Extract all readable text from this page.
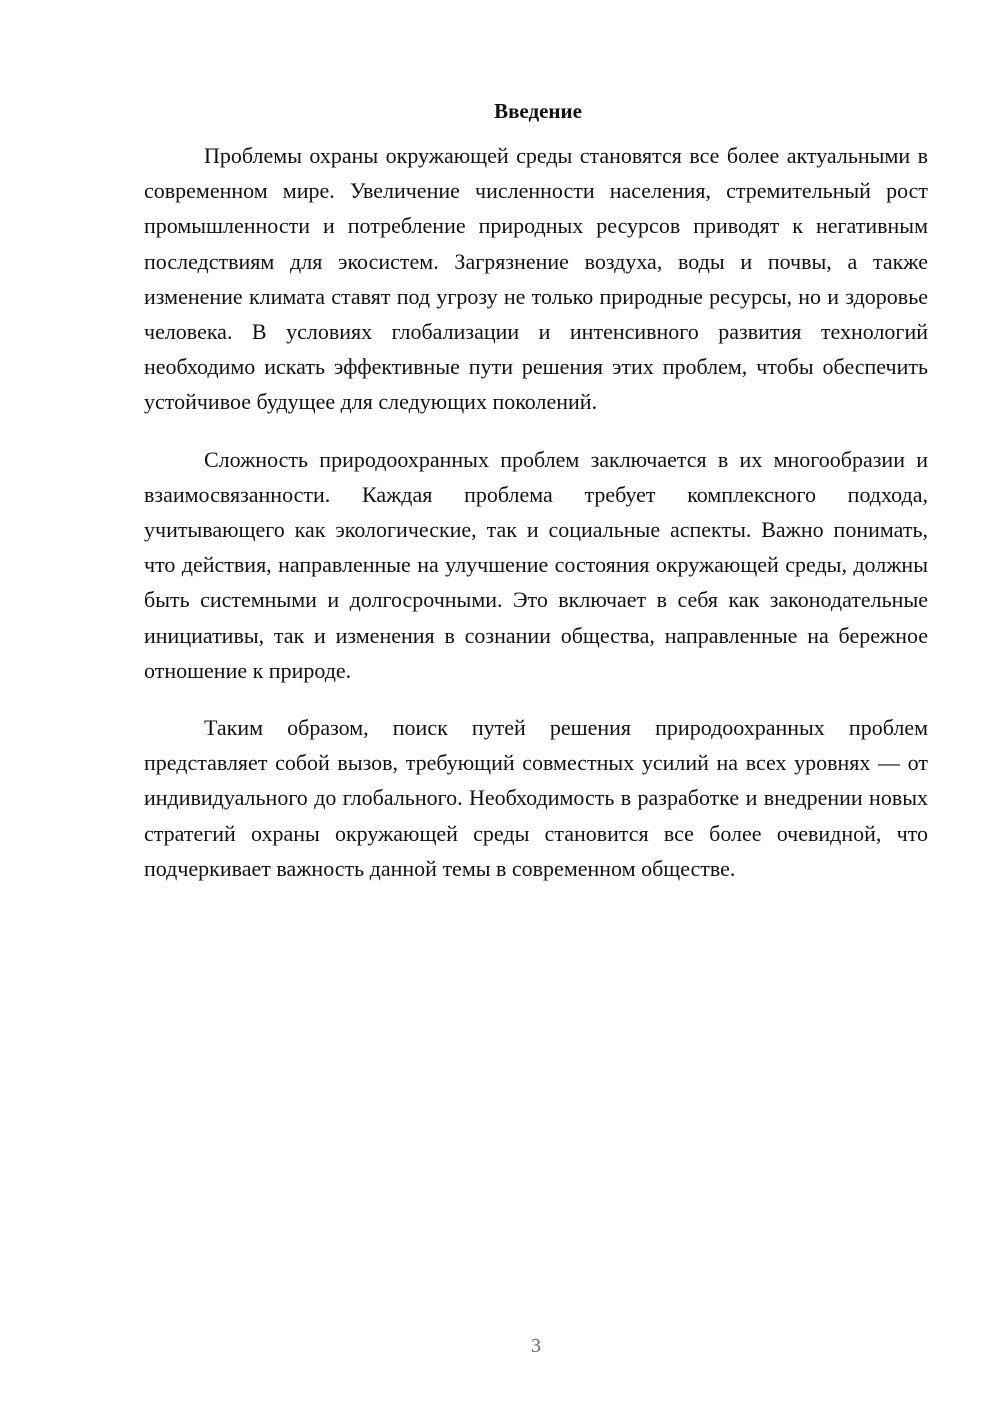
Введение

Проблемы охраны окружающей среды становятся все более актуальными в современном мире. Увеличение численности населения, стремительный рост промышленности и потребление природных ресурсов приводят к негативным последствиям для экосистем. Загрязнение воздуха, воды и почвы, а также изменение климата ставят под угрозу не только природные ресурсы, но и здоровье человека. В условиях глобализации и интенсивного развития технологий необходимо искать эффективные пути решения этих проблем, чтобы обеспечить устойчивое будущее для следующих поколений.

Сложность природоохранных проблем заключается в их многообразии и взаимосвязанности. Каждая проблема требует комплексного подхода, учитывающего как экологические, так и социальные аспекты. Важно понимать, что действия, направленные на улучшение состояния окружающей среды, должны быть системными и долгосрочными. Это включает в себя как законодательные инициативы, так и изменения в сознании общества, направленные на бережное отношение к природе.

Таким образом, поиск путей решения природоохранных проблем представляет собой вызов, требующий совместных усилий на всех уровнях — от индивидуального до глобального. Необходимость в разработке и внедрении новых стратегий охраны окружающей среды становится все более очевидной, что подчеркивает важность данной темы в современном обществе.

3
